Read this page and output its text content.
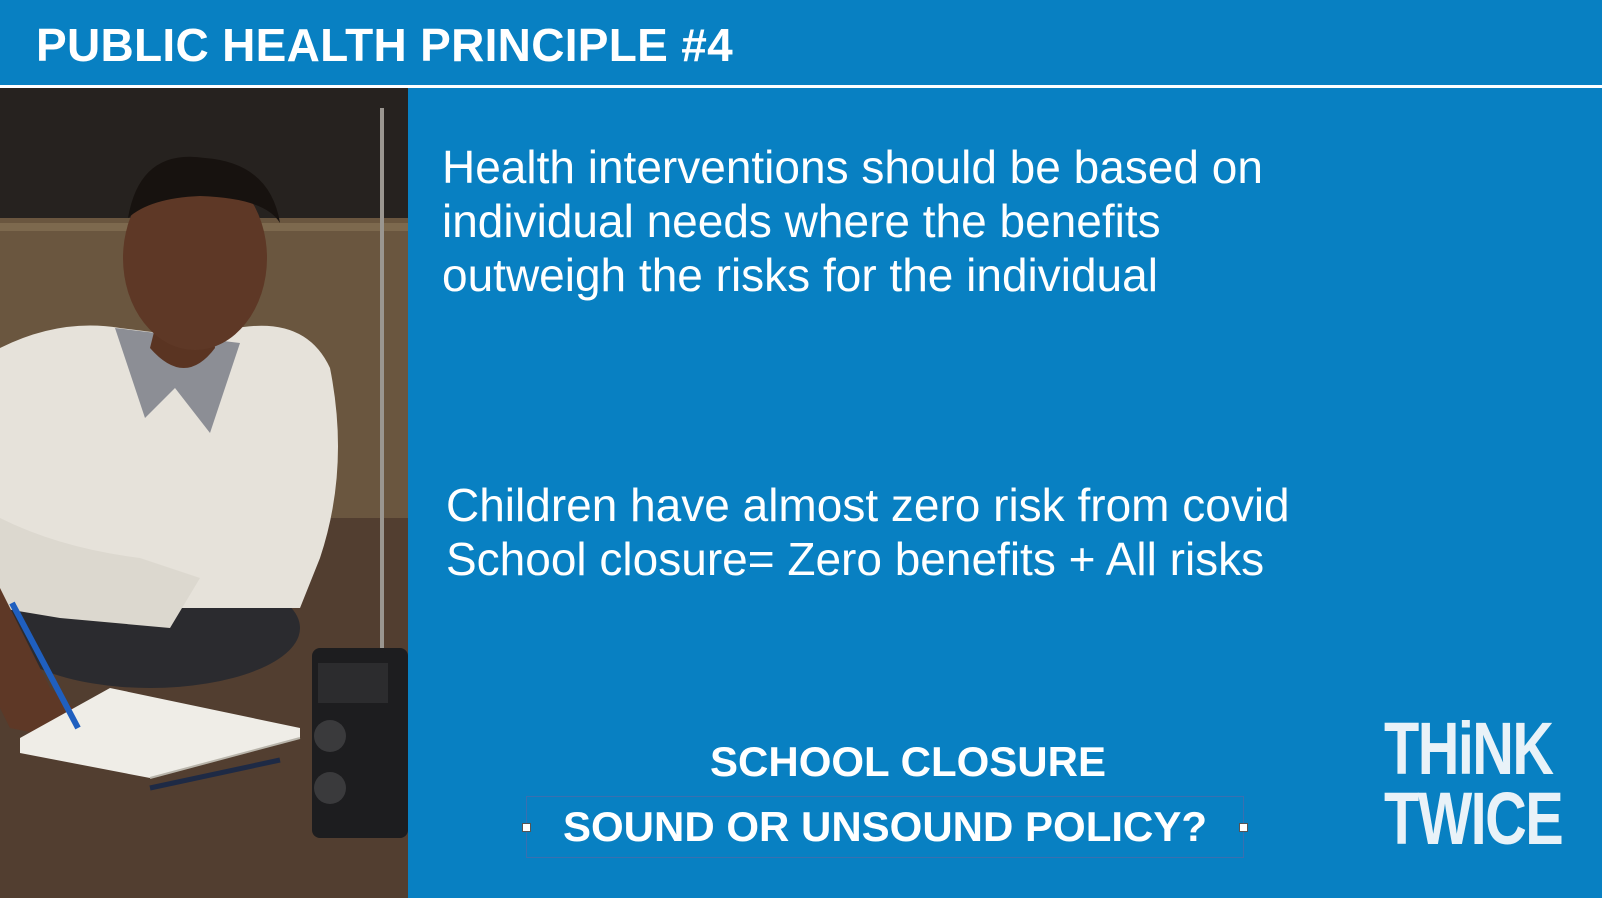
PUBLIC HEALTH PRINCIPLE #4
Health interventions should be based on
individual needs where the benefits
outweigh the risks for the individual
Children have almost zero risk from covid
School closure= Zero benefits + All risks
SCHOOL CLOSURE
SOUND OR UNSOUND POLICY?
THiNK
TWICE
